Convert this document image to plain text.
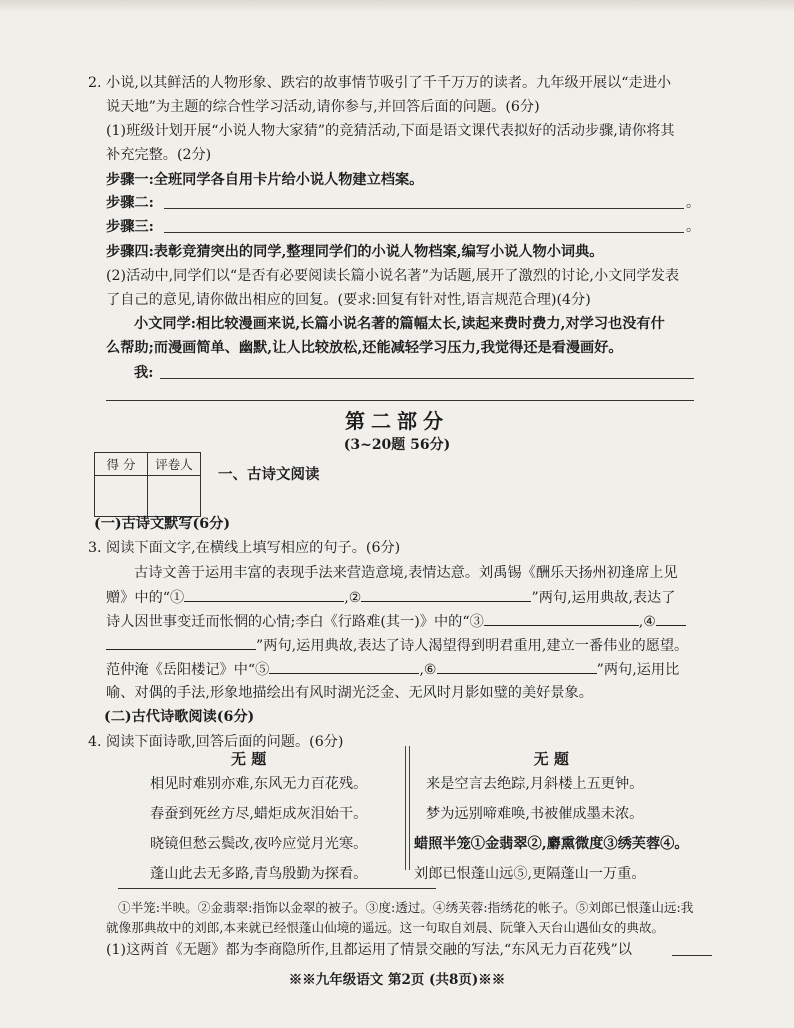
2. 小说,以其鲜活的人物形象、跌宕的故事情节吸引了千千万万的读者。九年级开展以“走进小
说天地”为主题的综合性学习活动,请你参与,并回答后面的问题。(6分)
(1)班级计划开展“小说人物大家猜”的竞猜活动,下面是语文课代表拟好的活动步骤,请你将其
补充完整。(2分)
步骤一:全班同学各自用卡片给小说人物建立档案。
步骤二:	。
步骤三:	。
步骤四:表彰竞猜突出的同学,整理同学们的小说人物档案,编写小说人物小词典。
(2)活动中,同学们以“是否有必要阅读长篇小说名著”为话题,展开了激烈的讨论,小文同学发表
了自己的意见,请你做出相应的回复。(要求:回复有针对性,语言规范合理)(4分)
小文同学:相比较漫画来说,长篇小说名著的篇幅太长,读起来费时费力,对学习也没有什
么帮助;而漫画简单、幽默,让人比较放松,还能减轻学习压力,我觉得还是看漫画好。
我:
第二部分
(3~20题 56分)
得 分	评卷人

一、古诗文阅读
(一)古诗文默写(6分)
3. 阅读下面文字,在横线上填写相应的句子。(6分)
古诗文善于运用丰富的表现手法来营造意境,表情达意。刘禹锡《酬乐天扬州初逢席上见
赠》中的“①	,②	”两句,运用典故,表达了
诗人因世事变迁而怅惘的心情;李白《行路难(其一)》中的“③	,④
”两句,运用典故,表达了诗人渴望得到明君重用,建立一番伟业的愿望。
范仲淹《岳阳楼记》中“⑤	,⑥	”两句,运用比
喻、对偶的手法,形象地描绘出有风时湖光泛金、无风时月影如璧的美好景象。
(二)古代诗歌阅读(6分)
4. 阅读下面诗歌,回答后面的问题。(6分)
无 题
相见时难别亦难,东风无力百花残。
春蚕到死丝方尽,蜡炬成灰泪始干。
晓镜但愁云鬓改,夜吟应觉月光寒。
蓬山此去无多路,青鸟殷勤为探看。
无 题
来是空言去绝踪,月斜楼上五更钟。
梦为远别啼难唤,书被催成墨未浓。
蜡照半笼①金翡翠②,麝熏微度③绣芙蓉④。
刘郎已恨蓬山远⑤,更隔蓬山一万重。
①半笼:半映。②金翡翠:指饰以金翠的被子。③度:透过。④绣芙蓉:指绣花的帐子。⑤刘郎已恨蓬山远:我
就像那典故中的刘郎,本来就已经恨蓬山仙境的遥远。这一句取自刘晨、阮肇入天台山遇仙女的典故。
(1)这两首《无题》都为李商隐所作,且都运用了情景交融的写法,“东风无力百花残”以
※※九年级语文 第2页 (共8页)※※
